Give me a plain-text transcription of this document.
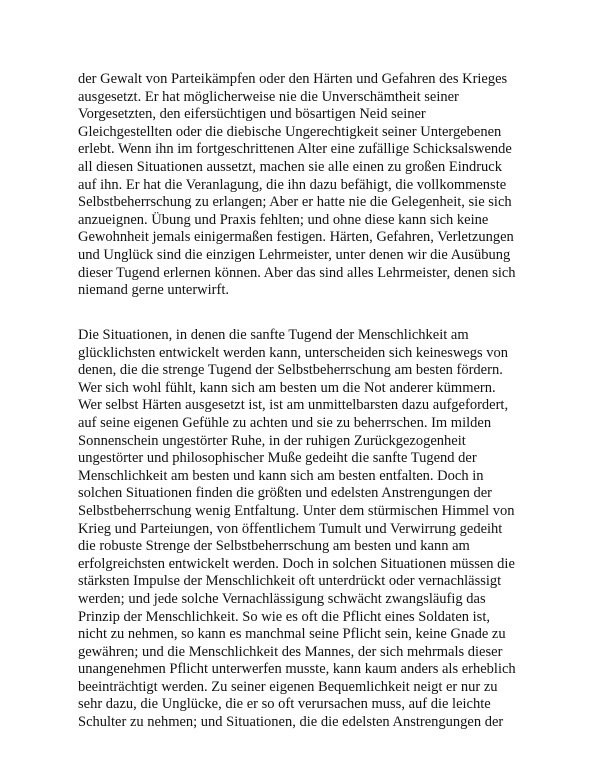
der Gewalt von Parteikämpfen oder den Härten und Gefahren des Krieges
ausgesetzt. Er hat möglicherweise nie die Unverschämtheit seiner
Vorgesetzten, den eifersüchtigen und bösartigen Neid seiner
Gleichgestellten oder die diebische Ungerechtigkeit seiner Untergebenen
erlebt. Wenn ihn im fortgeschrittenen Alter eine zufällige Schicksalswende
all diesen Situationen aussetzt, machen sie alle einen zu großen Eindruck
auf ihn. Er hat die Veranlagung, die ihn dazu befähigt, die vollkommenste
Selbstbeherrschung zu erlangen; Aber er hatte nie die Gelegenheit, sie sich
anzueignen. Übung und Praxis fehlten; und ohne diese kann sich keine
Gewohnheit jemals einigermaßen festigen. Härten, Gefahren, Verletzungen
und Unglück sind die einzigen Lehrmeister, unter denen wir die Ausübung
dieser Tugend erlernen können. Aber das sind alles Lehrmeister, denen sich
niemand gerne unterwirft.
Die Situationen, in denen die sanfte Tugend der Menschlichkeit am
glücklichsten entwickelt werden kann, unterscheiden sich keineswegs von
denen, die die strenge Tugend der Selbstbeherrschung am besten fördern.
Wer sich wohl fühlt, kann sich am besten um die Not anderer kümmern.
Wer selbst Härten ausgesetzt ist, ist am unmittelbarsten dazu aufgefordert,
auf seine eigenen Gefühle zu achten und sie zu beherrschen. Im milden
Sonnenschein ungestörter Ruhe, in der ruhigen Zurückgezogenheit
ungestörter und philosophischer Muße gedeiht die sanfte Tugend der
Menschlichkeit am besten und kann sich am besten entfalten. Doch in
solchen Situationen finden die größten und edelsten Anstrengungen der
Selbstbeherrschung wenig Entfaltung. Unter dem stürmischen Himmel von
Krieg und Parteiungen, von öffentlichem Tumult und Verwirrung gedeiht
die robuste Strenge der Selbstbeherrschung am besten und kann am
erfolgreichsten entwickelt werden. Doch in solchen Situationen müssen die
stärksten Impulse der Menschlichkeit oft unterdrückt oder vernachlässigt
werden; und jede solche Vernachlässigung schwächt zwangsläufig das
Prinzip der Menschlichkeit. So wie es oft die Pflicht eines Soldaten ist,
nicht zu nehmen, so kann es manchmal seine Pflicht sein, keine Gnade zu
gewähren; und die Menschlichkeit des Mannes, der sich mehrmals dieser
unangenehmen Pflicht unterwerfen musste, kann kaum anders als erheblich
beeinträchtigt werden. Zu seiner eigenen Bequemlichkeit neigt er nur zu
sehr dazu, die Unglücke, die er so oft verursachen muss, auf die leichte
Schulter zu nehmen; und Situationen, die die edelsten Anstrengungen der
